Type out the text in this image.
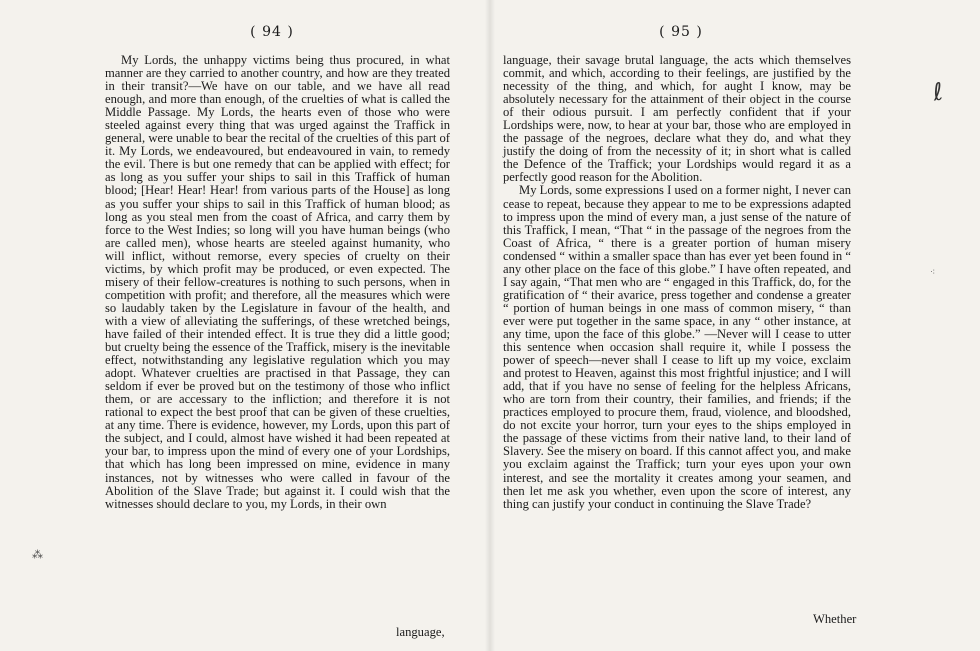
( 94 )

My Lords, the unhappy victims being thus procured, in what manner are they carried to another country, and how are they treated in their transit?—We have on our table, and we have all read enough, and more than enough, of the cruelties of what is called the Middle Passage. My Lords, the hearts even of those who were steeled against every thing that was urged against the Traffick in general, were unable to bear the recital of the cruelties of this part of it. My Lords, we endeavoured, but endeavoured in vain, to remedy the evil. There is but one remedy that can be applied with effect; for as long as you suffer your ships to sail in this Traffick of human blood; [Hear! Hear! Hear! from various parts of the House] as long as you suffer your ships to sail in this Traffick of human blood; as long as you steal men from the coast of Africa, and carry them by force to the West Indies; so long will you have human beings (who are called men), whose hearts are steeled against humanity, who will inflict, without remorse, every species of cruelty on their victims, by which profit may be produced, or even expected. The misery of their fellow-creatures is nothing to such persons, when in competition with profit; and therefore, all the measures which were so laudably taken by the Legislature in favour of the health, and with a view of alleviating the sufferings, of these wretched beings, have failed of their intended effect. It is true they did a little good; but cruelty being the essence of the Traffick, misery is the inevitable effect, notwithstanding any legislative regulation which you may adopt. Whatever cruelties are practised in that Passage, they can seldom if ever be proved but on the testimony of those who inflict them, or are accessary to the infliction; and therefore it is not rational to expect the best proof that can be given of these cruelties, at any time. There is evidence, however, my Lords, upon this part of the subject, and I could, almost have wished it had been repeated at your bar, to impress upon the mind of every one of your Lordships, that which has long been impressed on mine, evidence in many instances, not by witnesses who were called in favour of the Abolition of the Slave Trade; but against it. I could wish that the witnesses should declare to you, my Lords, in their own

language,
( 95 )

language, their savage brutal language, the acts which themselves commit, and which, according to their feelings, are justified by the necessity of the thing, and which, for aught I know, may be absolutely necessary for the attainment of their object in the course of their odious pursuit. I am perfectly confident that if your Lordships were, now, to hear at your bar, those who are employed in the passage of the negroes, declare what they do, and what they justify the doing of from the necessity of it; in short what is called the Defence of the Traffick; your Lordships would regard it as a perfectly good reason for the Abolition.

My Lords, some expressions I used on a former night, I never can cease to repeat, because they appear to me to be expressions adapted to impress upon the mind of every man, a just sense of the nature of this Traffick, I mean, “That “ in the passage of the negroes from the Coast of Africa, “ there is a greater portion of human misery condensed “ within a smaller space than has ever yet been found in “ any other place on the face of this globe.” I have often repeated, and I say again, “That men who are “ engaged in this Traffick, do, for the gratification of “ their avarice, press together and condense a greater “ portion of human beings in one mass of common misery, “ than ever were put together in the same space, in any “ other instance, at any time, upon the face of this globe.” —Never will I cease to utter this sentence when occasion shall require it, while I possess the power of speech—never shall I cease to lift up my voice, exclaim and protest to Heaven, against this most frightful injustice; and I will add, that if you have no sense of feeling for the helpless Africans, who are torn from their country, their families, and friends; if the practices employed to procure them, fraud, violence, and bloodshed, do not excite your horror, turn your eyes to the ships employed in the passage of these victims from their native land, to their land of Slavery. See the misery on board. If this cannot affect you, and make you exclaim against the Traffick; turn your eyes upon your own interest, and see the mortality it creates among your seamen, and then let me ask you whether, even upon the score of interest, any thing can justify your conduct in continuing the Slave Trade?

Whether
ℓ
⁖
⁂
